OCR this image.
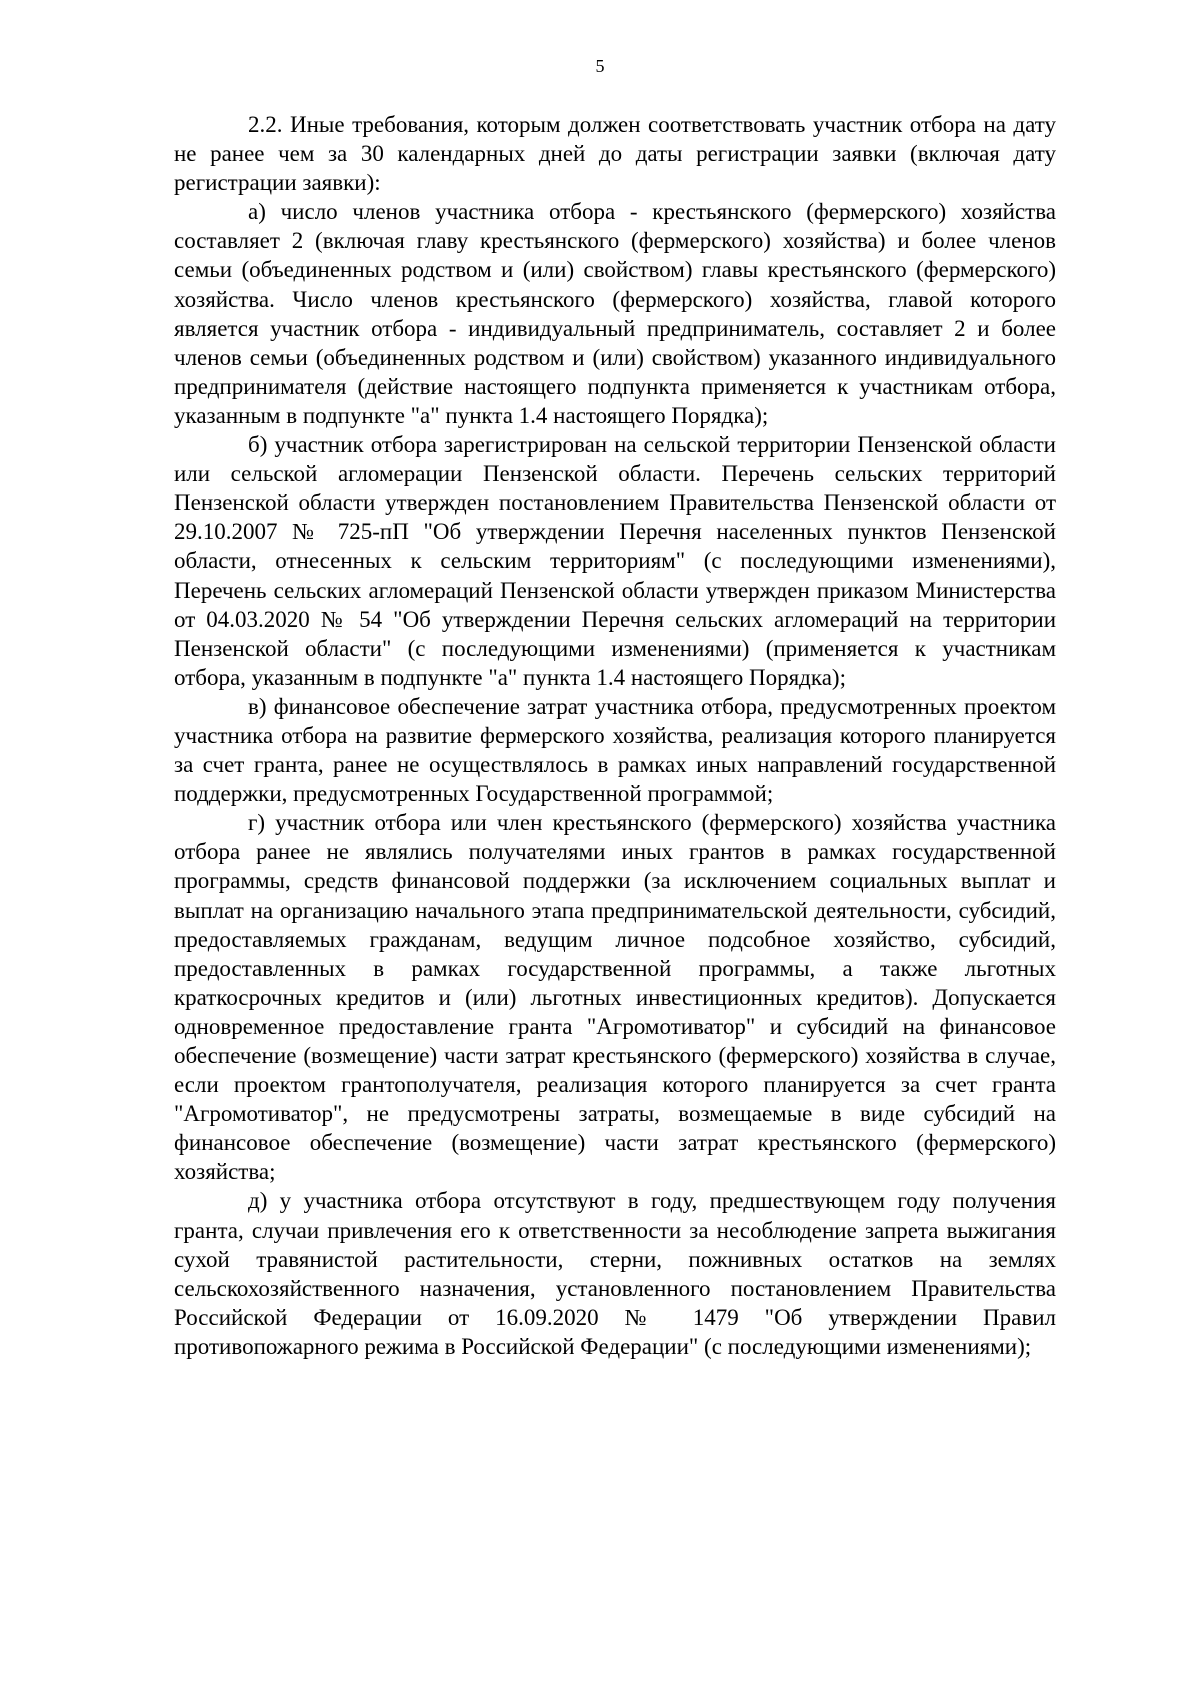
5

2.2. Иные требования, которым должен соответствовать участник отбора на дату не ранее чем за 30 календарных дней до даты регистрации заявки (включая дату регистрации заявки):

а) число членов участника отбора - крестьянского (фермерского) хозяйства составляет 2 (включая главу крестьянского (фермерского) хозяйства) и более членов семьи (объединенных родством и (или) свойством) главы крестьянского (фермерского) хозяйства. Число членов крестьянского (фермерского) хозяйства, главой которого является участник отбора - индивидуальный предприниматель, составляет 2 и более членов семьи (объединенных родством и (или) свойством) указанного индивидуального предпринимателя (действие настоящего подпункта применяется к участникам отбора, указанным в подпункте "а" пункта 1.4 настоящего Порядка);

б) участник отбора зарегистрирован на сельской территории Пензенской области или сельской агломерации Пензенской области. Перечень сельских территорий Пензенской области утвержден постановлением Правительства Пензенской области от 29.10.2007 № 725-пП "Об утверждении Перечня населенных пунктов Пензенской области, отнесенных к сельским территориям" (с последующими изменениями), Перечень сельских агломераций Пензенской области утвержден приказом Министерства от 04.03.2020 № 54 "Об утверждении Перечня сельских агломераций на территории Пензенской области" (с последующими изменениями) (применяется к участникам отбора, указанным в подпункте "а" пункта 1.4 настоящего Порядка);

в) финансовое обеспечение затрат участника отбора, предусмотренных проектом участника отбора на развитие фермерского хозяйства, реализация которого планируется за счет гранта, ранее не осуществлялось в рамках иных направлений государственной поддержки, предусмотренных Государственной программой;

г) участник отбора или член крестьянского (фермерского) хозяйства участника отбора ранее не являлись получателями иных грантов в рамках государственной программы, средств финансовой поддержки (за исключением социальных выплат и выплат на организацию начального этапа предпринимательской деятельности, субсидий, предоставляемых гражданам, ведущим личное подсобное хозяйство, субсидий, предоставленных в рамках государственной программы, а также льготных краткосрочных кредитов и (или) льготных инвестиционных кредитов). Допускается одновременное предоставление гранта "Агромотиватор" и субсидий на финансовое обеспечение (возмещение) части затрат крестьянского (фермерского) хозяйства в случае, если проектом грантополучателя, реализация которого планируется за счет гранта "Агромотиватор", не предусмотрены затраты, возмещаемые в виде субсидий на финансовое обеспечение (возмещение) части затрат крестьянского (фермерского) хозяйства;

д) у участника отбора отсутствуют в году, предшествующем году получения гранта, случаи привлечения его к ответственности за несоблюдение запрета выжигания сухой травянистой растительности, стерни, пожнивных остатков на землях сельскохозяйственного назначения, установленного постановлением Правительства Российской Федерации от 16.09.2020 № 1479 "Об утверждении Правил противопожарного режима в Российской Федерации" (с последующими изменениями);
